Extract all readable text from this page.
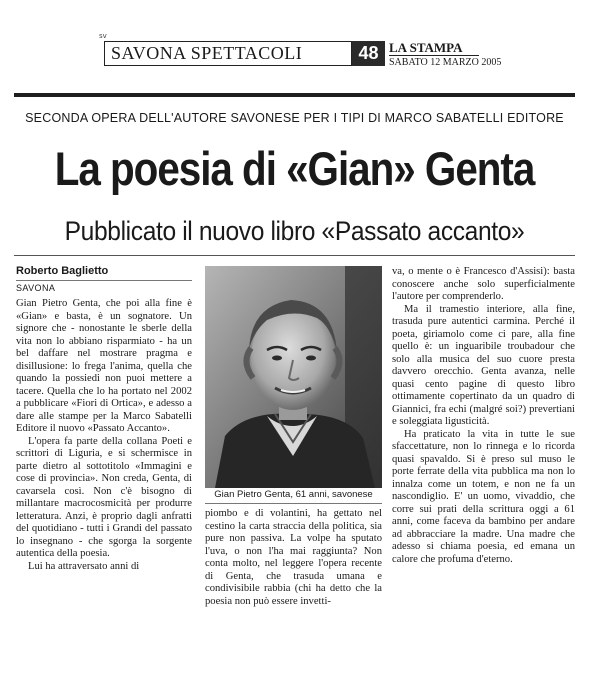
sv
SAVONA SPETTACOLI	48 LA STAMPA
SABATO 12 MARZO 2005
SECONDA OPERA DELL'AUTORE SAVONESE PER I TIPI DI MARCO SABATELLI EDITORE
La poesia di «Gian» Genta
Pubblicato il nuovo libro «Passato accanto»
Roberto Baglietto
SAVONA

Gian Pietro Genta, che poi alla fine è «Gian» e basta, è un sognatore. Un signore che - nonostante le sberle della vita non lo abbiano risparmiato - ha un bel daffare nel mostrare pragma e disillusione: lo frega l'anima, quella che quando la possiedi non puoi mettere a tacere. Quella che lo ha portato nel 2002 a pubblicare «Fiori di Ortica», e adesso a dare alle stampe per la Marco Sabatelli Editore il nuovo «Passato Accanto».

L'opera fa parte della collana Poeti e scrittori di Liguria, e si schermisce in parte dietro al sottotitolo «Immagini e cose di provincia». Non creda, Genta, di cavarsela così. Non c'è bisogno di millantare macrocosmicità per produrre letteratura. Anzi, è proprio dagli anfratti del quotidiano - tutti i Grandi del passato lo insegnano - che sgorga la sorgente autentica della poesia.

Lui ha attraversato anni di

Gian Pietro Genta, 61 anni, savonese

piombo e di volantini, ha gettato nel cestino la carta straccia della politica, sia pure non passiva. La volpe ha sputato l'uva, o non l'ha mai raggiunta? Non conta molto, nel leggere l'opera recente di Genta, che trasuda umana e condivisibile rabbia (chi ha detto che la poesia non può essere invetti-

va, o mente o è Francesco d'Assisi): basta conoscere anche solo superficialmente l'autore per comprenderlo.

Ma il tramestio interiore, alla fine, trasuda pure autentici carmina. Perché il poeta, giriamolo come ci pare, alla fine quello è: un inguaribile troubadour che solo alla musica del suo cuore presta davvero orecchio. Genta avanza, nelle quasi cento pagine di questo libro ottimamente copertinato da un quadro di Giannici, fra echi (malgré soi?) prevertiani e soleggiata ligusticità.

Ha praticato la vita in tutte le sue sfaccettature, non lo rinnega e lo ricorda quasi spavaldo. Si è preso sul muso le porte ferrate della vita pubblica ma non lo innalza come un totem, e non ne fa un nascondiglio. E' un uomo, vivaddio, che corre sui prati della scrittura oggi a 61 anni, come faceva da bambino per andare ad abbracciare la madre. Una madre che adesso si chiama poesia, ed emana un calore che profuma d'eterno.
